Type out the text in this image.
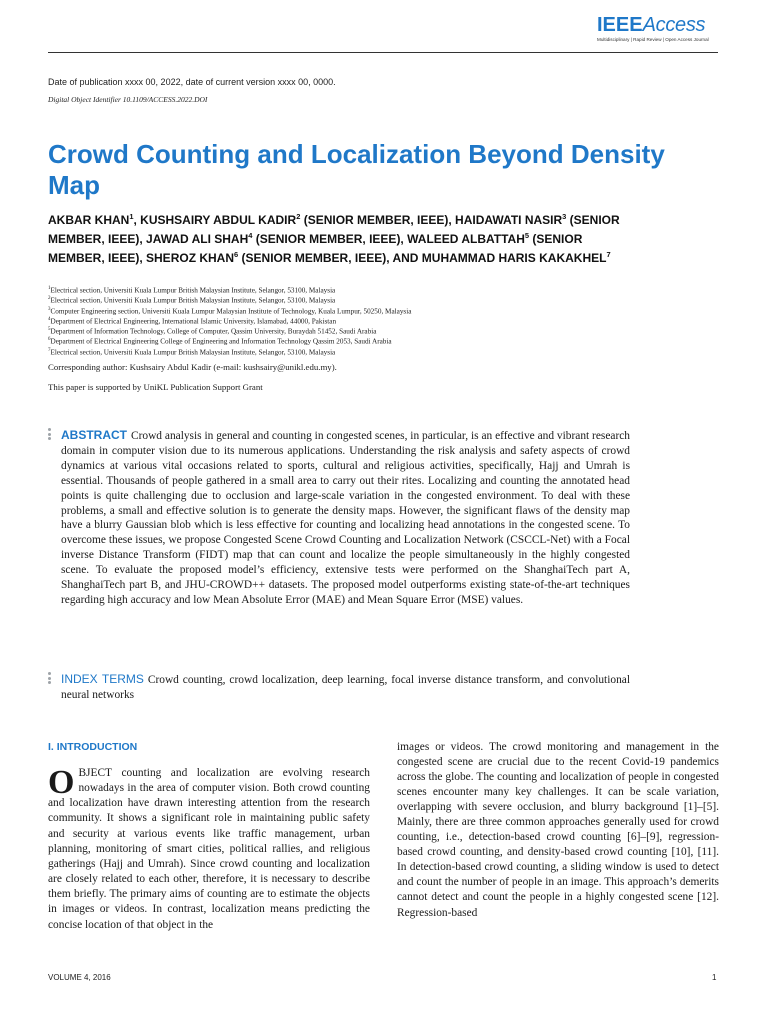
IEEEAccess
Multidisciplinary | Rapid Review | Open Access Journal
Date of publication xxxx 00, 2022, date of current version xxxx 00, 0000.
Digital Object Identifier 10.1109/ACCESS.2022.DOI
Crowd Counting and Localization Beyond Density Map
AKBAR KHAN$^1$, KUSHSAIRY ABDUL KADIR$^2$ (SENIOR MEMBER, IEEE), HAIDAWATI NASIR$^3$ (SENIOR MEMBER, IEEE), JAWAD ALI SHAH$^4$ (SENIOR MEMBER, IEEE), WALEED ALBATTAH$^5$ (SENIOR MEMBER, IEEE), SHEROZ KHAN$^6$ (SENIOR MEMBER, IEEE), AND MUHAMMAD HARIS KAKAKHEL$^7$
$^1$Electrical section, Universiti Kuala Lumpur British Malaysian Institute, Selangor, 53100, Malaysia
$^2$Electrical section, Universiti Kuala Lumpur British Malaysian Institute, Selangor, 53100, Malaysia
$^3$Computer Engineering section, Universiti Kuala Lumpur Malaysian Institute of Technology, Kuala Lumpur, 50250, Malaysia
$^4$Department of Electrical Engineering, International Islamic University, Islamabad, 44000, Pakistan
$^5$Department of Information Technology, College of Computer, Qassim University, Buraydah 51452, Saudi Arabia
$^6$Department of Electrical Engineering College of Engineering and Information Technology Qassim 2053, Saudi Arabia
$^7$Electrical section, Universiti Kuala Lumpur British Malaysian Institute, Selangor, 53100, Malaysia
Corresponding author: Kushsairy Abdul Kadir (e-mail: kushsairy@unikl.edu.my).
This paper is supported by UniKL Publication Support Grant
ABSTRACT Crowd analysis in general and counting in congested scenes, in particular, is an effective and vibrant research domain in computer vision due to its numerous applications. Understanding the risk analysis and safety aspects of crowd dynamics at various vital occasions related to sports, cultural and religious activities, specifically, Hajj and Umrah is essential. Thousands of people gathered in a small area to carry out their rites. Localizing and counting the annotated head points is quite challenging due to occlusion and large-scale variation in the congested environment. To deal with these problems, a small and effective solution is to generate the density maps. However, the significant flaws of the density map have a blurry Gaussian blob which is less effective for counting and localizing head annotations in the congested scene. To overcome these issues, we propose Congested Scene Crowd Counting and Localization Network (CSCCL-Net) with a Focal inverse Distance Transform (FIDT) map that can count and localize the people simultaneously in the highly congested scene. To evaluate the proposed model’s efficiency, extensive tests were performed on the ShanghaiTech part A, ShanghaiTech part B, and JHU-CROWD++ datasets. The proposed model outperforms existing state-of-the-art techniques regarding high accuracy and low Mean Absolute Error (MAE) and Mean Square Error (MSE) values.
INDEX TERMS Crowd counting, crowd localization, deep learning, focal inverse distance transform, and convolutional neural networks
I. INTRODUCTION
OBJECT counting and localization are evolving research nowadays in the area of computer vision. Both crowd counting and localization have drawn interesting attention from the research community. It shows a significant role in maintaining public safety and security at various events like traffic management, urban planning, monitoring of smart cities, political rallies, and religious gatherings (Hajj and Umrah). Since crowd counting and localization are closely related to each other, therefore, it is necessary to describe them briefly. The primary aims of counting are to estimate the objects in images or videos. In contrast, localization means predicting the concise location of that object in the
images or videos. The crowd monitoring and management in the congested scene are crucial due to the recent Covid-19 pandemics across the globe. The counting and localization of people in congested scenes encounter many key challenges. It can be scale variation, overlapping with severe occlusion, and blurry background [1]–[5]. Mainly, there are three common approaches generally used for crowd counting, i.e., detection-based crowd counting [6]–[9], regression-based crowd counting, and density-based crowd counting [10], [11]. In detection-based crowd counting, a sliding window is used to detect and count the number of people in an image. This approach’s demerits cannot detect and count the people in a highly congested scene [12]. Regression-based
VOLUME 4, 2016	1
